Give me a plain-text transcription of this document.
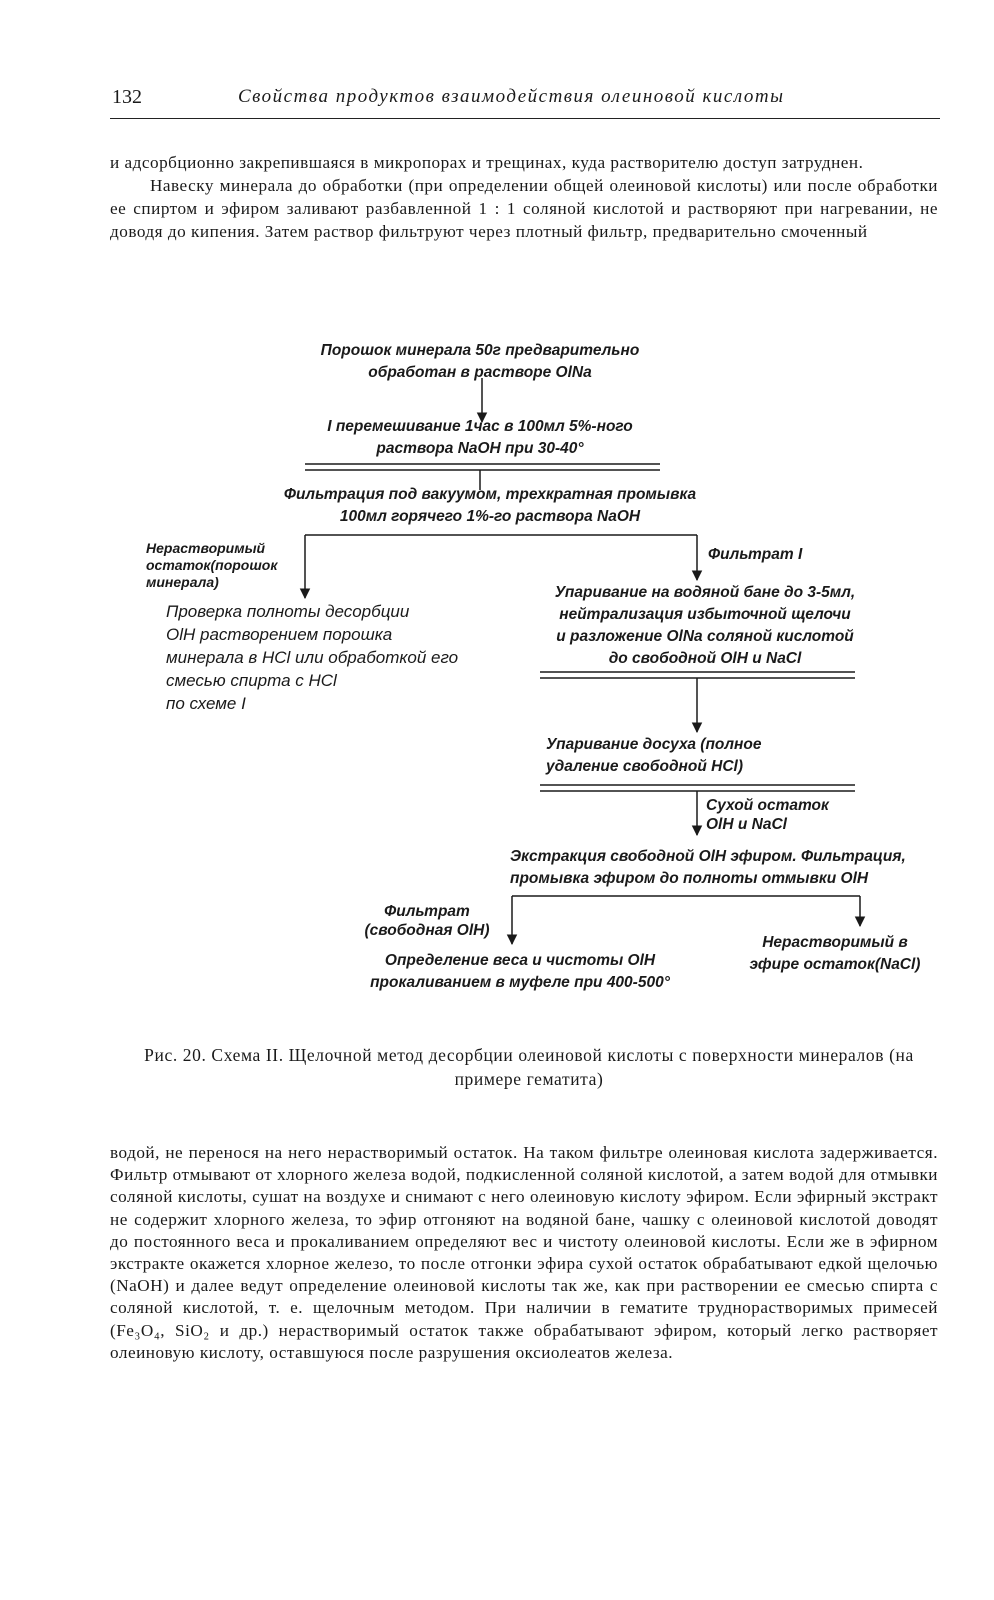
132	Свойства продуктов взаимодействия олеиновой кислоты
и адсорбционно закрепившаяся в микропорах и трещинах, куда растворителю доступ затруднен.
Навеску минерала до обработки (при определении общей олеиновой кислоты) или после обработки ее спиртом и эфиром заливают разбавленной 1 : 1 соляной кислотой и растворяют при нагревании, не доводя до кипения. Затем раствор фильтруют через плотный фильтр, предварительно смоченный
Порошок минерала 50г предварительно
обработан в растворе OlNa
I перемешивание 1час в 100мл 5%-ного
раствора NaOH при 30-40°
Фильтрация под вакуумом, трехкратная промывка
100мл горячего 1%-го раствора NaOH
Нерастворимый
остаток(порошок
минерала)
Фильтрат I
Проверка полноты десорбции
OlH растворением порошка
минерала в HCl или обработкой его смесью спирта с HCl
по схеме I
Упаривание на водяной бане до 3-5мл,
нейтрализация избыточной щелочи
и разложение OlNa соляной кислотой
до свободной OlH и NaCl
Упаривание досуха (полное
удаление свободной HCl)
Сухой остаток
OlH и NaCl
Экстракция свободной OlH эфиром. Фильтрация, промывка эфиром до полноты отмывки OlH
Фильтрат
(свободная OlH)
Определение веса и чистоты OlH
прокаливанием в муфеле при 400-500°
Нерастворимый в
эфире остаток(NaCl)
Рис. 20. Схема II. Щелочной метод десорбции олеиновой кислоты с поверхности минералов (на примере гематита)
водой, не перенося на него нерастворимый остаток. На таком фильтре олеиновая кислота задерживается. Фильтр отмывают от хлорного железа водой, подкисленной соляной кислотой, а затем водой для отмывки соляной кислоты, сушат на воздухе и снимают с него олеиновую кислоту эфиром. Если эфирный экстракт не содержит хлорного железа, то эфир отгоняют на водяной бане, чашку с олеиновой кислотой доводят до постоянного веса и прокаливанием определяют вес и чистоту олеиновой кислоты. Если же в эфирном экстракте окажется хлорное железо, то после отгонки эфира сухой остаток обрабатывают едкой щелочью (NaOH) и далее ведут определение олеиновой кислоты так же, как при растворении ее смесью спирта с соляной кислотой, т. е. щелочным методом. При наличии в гематите труднорастворимых примесей (Fe₃O₄, SiO₂ и др.) нерастворимый остаток также обрабатывают эфиром, который легко растворяет олеиновую кислоту, оставшуюся после разрушения оксиолеатов железа.
